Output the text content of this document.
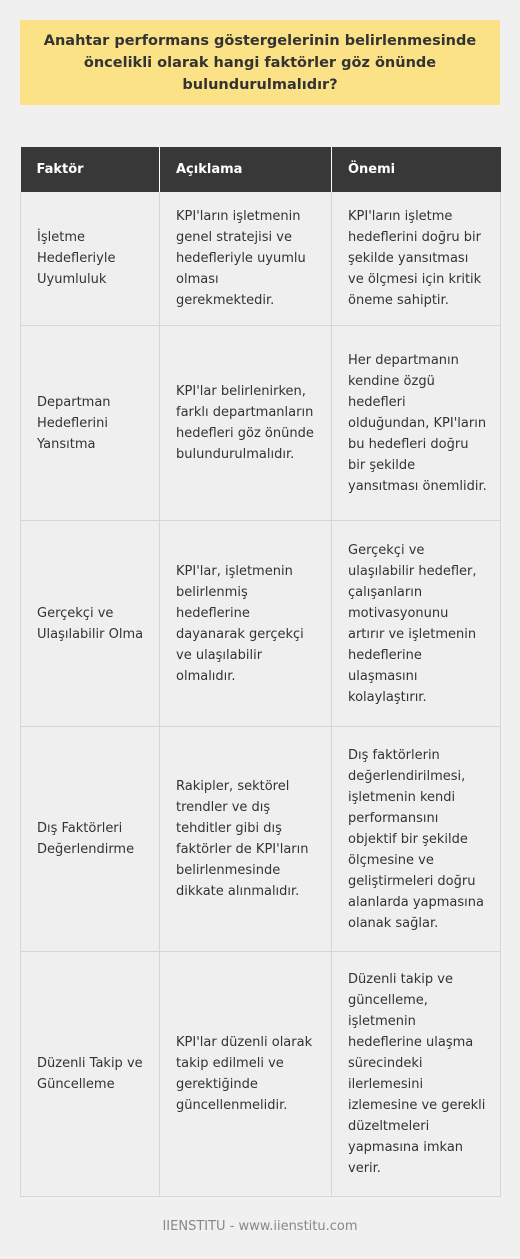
Anahtar performans göstergelerinin belirlenmesinde öncelikli olarak hangi faktörler göz önünde bulundurulmalıdır?
Faktör	Açıklama	Önemi
İşletme Hedefleriyle Uyumluluk	KPI'ların işletmenin genel stratejisi ve hedefleriyle uyumlu olması gerekmektedir.	KPI'ların işletme hedeflerini doğru bir şekilde yansıtması ve ölçmesi için kritik öneme sahiptir.
Departman Hedeflerini Yansıtma	KPI'lar belirlenirken, farklı departmanların hedefleri göz önünde bulundurulmalıdır.	Her departmanın kendine özgü hedefleri olduğundan, KPI'ların bu hedefleri doğru bir şekilde yansıtması önemlidir.
Gerçekçi ve Ulaşılabilir Olma	KPI'lar, işletmenin belirlenmiş hedeflerine dayanarak gerçekçi ve ulaşılabilir olmalıdır.	Gerçekçi ve ulaşılabilir hedefler, çalışanların motivasyonunu artırır ve işletmenin hedeflerine ulaşmasını kolaylaştırır.
Dış Faktörleri Değerlendirme	Rakipler, sektörel trendler ve dış tehditler gibi dış faktörler de KPI'ların belirlenmesinde dikkate alınmalıdır.	Dış faktörlerin değerlendirilmesi, işletmenin kendi performansını objektif bir şekilde ölçmesine ve geliştirmeleri doğru alanlarda yapmasına olanak sağlar.
Düzenli Takip ve Güncelleme	KPI'lar düzenli olarak takip edilmeli ve gerektiğinde güncellenmelidir.	Düzenli takip ve güncelleme, işletmenin hedeflerine ulaşma sürecindeki ilerlemesini izlemesine ve gerekli düzeltmeleri yapmasına imkan verir.
IIENSTITU - www.iienstitu.com
